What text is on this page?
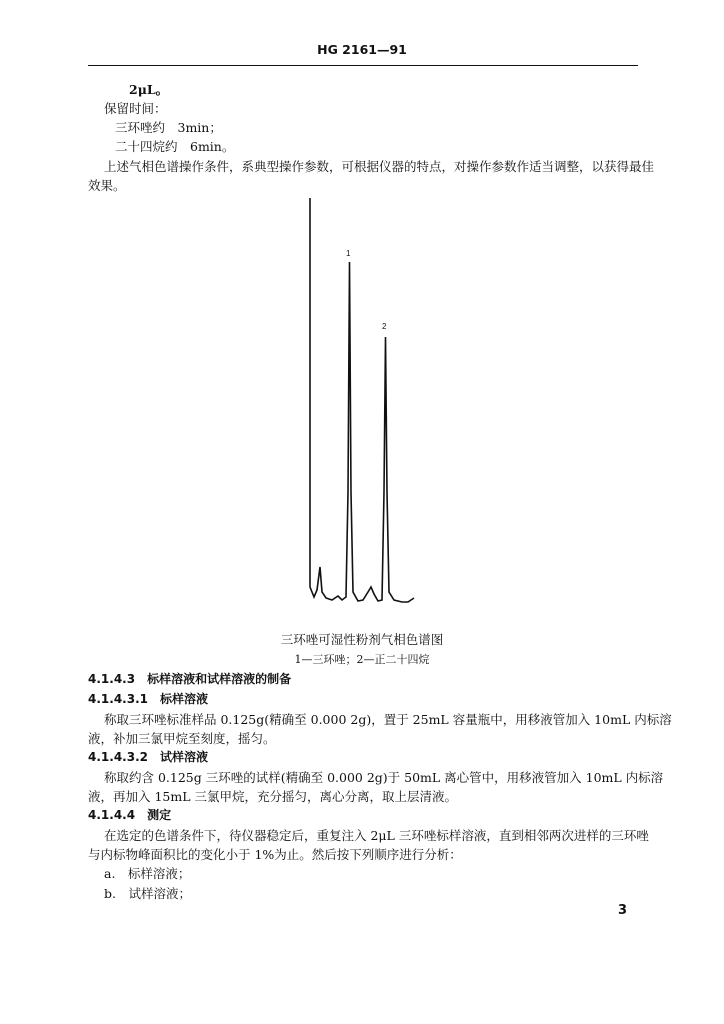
HG 2161—91
2μL。
保留时间：
三环唑约　3min；
二十四烷约　6min。
上述气相色谱操作条件，系典型操作参数，可根据仪器的特点，对操作参数作适当调整，以获得最佳
效果。
1
2
三环唑可湿性粉剂气相色谱图
1—三环唑；2—正二十四烷
4.1.4.3　标样溶液和试样溶液的制备
4.1.4.3.1　标样溶液
称取三环唑标准样品 0.125g(精确至 0.000 2g)，置于 25mL 容量瓶中，用移液管加入 10mL 内标溶
液，补加三氯甲烷至刻度，摇匀。
4.1.4.3.2　试样溶液
称取约含 0.125g 三环唑的试样(精确至 0.000 2g)于 50mL 离心管中，用移液管加入 10mL 内标溶
液，再加入 15mL 三氯甲烷，充分摇匀，离心分离，取上层清液。
4.1.4.4　测定
在选定的色谱条件下，待仪器稳定后，重复注入 2μL 三环唑标样溶液，直到相邻两次进样的三环唑
与内标物峰面积比的变化小于 1%为止。然后按下列顺序进行分析：
a.　标样溶液；
b.　试样溶液；
3
